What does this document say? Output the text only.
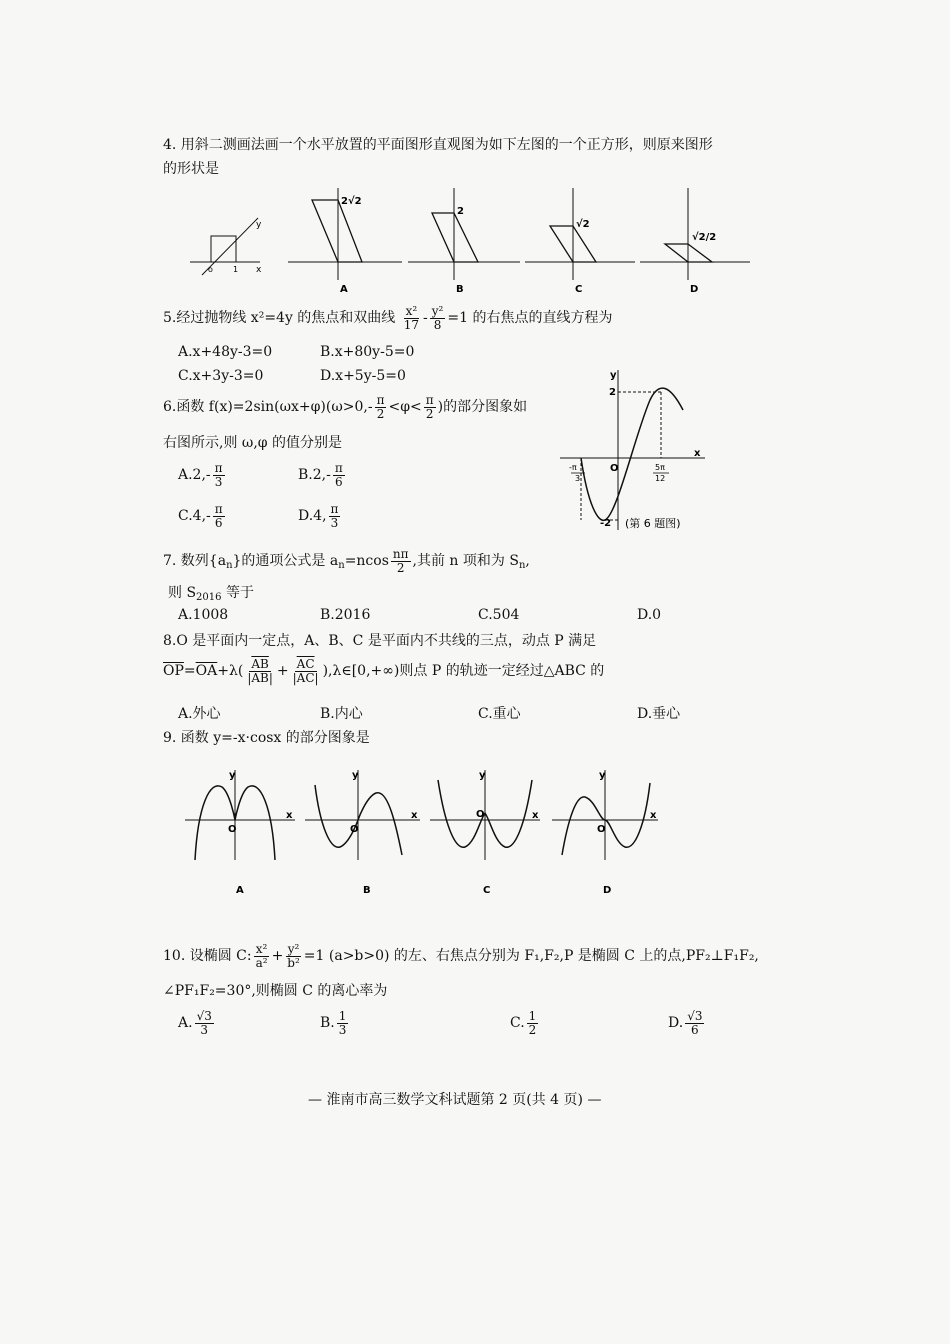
4. 用斜二测画法画一个水平放置的平面图形直观图为如下左图的一个正方形，则原来图形
的形状是
y
x
o	1
2√2
A
2
B
√2
C
√2/2
D
5.经过抛物线 x²=4y 的焦点和双曲线 $\frac{\text{x²}}{17} - \frac{\text{y²}}{8} =1$ 的右焦点的直线方程为
A.x+48y-3=0	B.x+80y-5=0
C.x+3y-3=0	D.x+5y-5=0
6.函数 $f(x)=2\sin(\omega x+\varphi)(\omega>0,- \frac{\pi}{2} <\varphi< \frac{\pi}{2}$ )的部分图象如
右图所示,则 ω,φ 的值分别是
$A.2,- \frac{\pi}{3}$	$B.2,- \frac{\pi}{6}$
$C.4,- \frac{\pi}{6}$	D.4, $\frac{\pi}{3}$
y
x
O
2
-2
-π
3
5π
12
(第 6 题图)
7. 数列$\{a_n\}$的通项公式是 $a_n=ncos \frac{n\pi}{2}$ ,其前 n 项和为 $S_n$,
则 $S_{2016}$ 等于
A.1008	B.2016	C.504	D.0
8.O 是平面内一定点，A、B、C 是平面内不共线的三点，动点 P 满足
$\overline{OP}=\overline{OA}+\lambda( \frac{\overline{AB}}{|AB|} + \frac{\overline{AC}}{|AC|}$ ),λ∈[0,+∞)则点 P 的轨迹一定经过△ABC 的
A.外心	B.内心	C.重心	D.垂心
9. 函数 y=-x·cosx 的部分图象是
y
x
O
A
y
x
O
B
y
x
O
C
y
x
O
D
10. 设椭圆 C: $\frac{\text{x²}}{\text{a²}} + \frac{\text{y²}}{\text{b²}} =1$ (a>b>0) 的左、右焦点分别为 F₁,F₂,P 是椭圆 C 上的点,PF₂⊥F₁F₂,
∠PF₁F₂=30°,则椭圆 C 的离心率为
A. $\frac{√3}{3}$	B. $\frac{1}{3}$	C. $\frac{1}{2}$	D. $\frac{√3}{6}$
— 淮南市高三数学文科试题第 2 页(共 4 页) —
